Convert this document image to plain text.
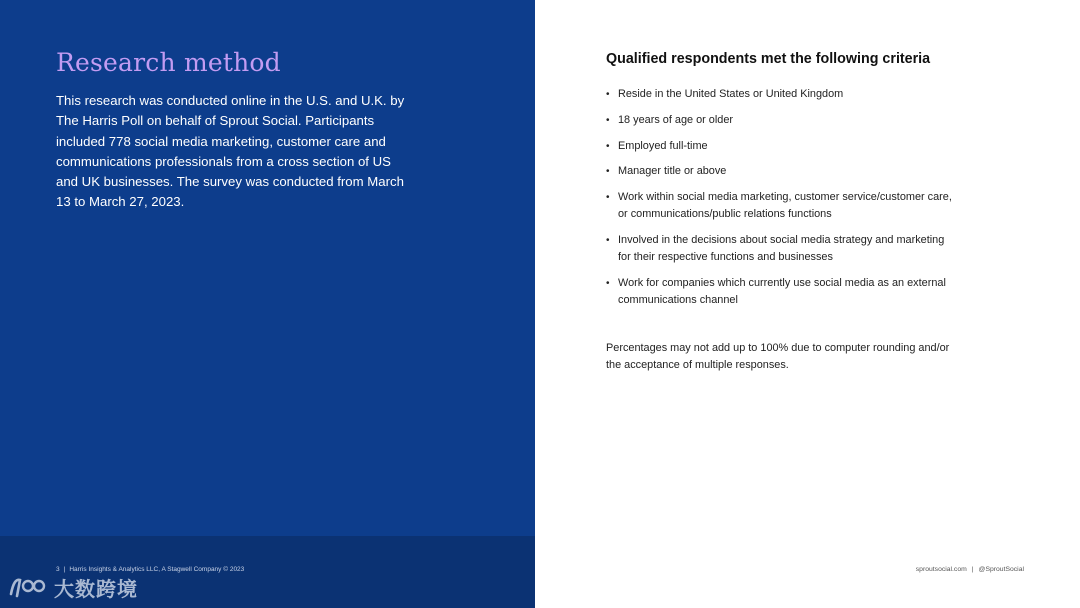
Research method

This research was conducted online in the U.S. and U.K. by The Harris Poll on behalf of Sprout Social. Participants included 778 social media marketing, customer care and communications professionals from a cross section of US and UK businesses. The survey was conducted from March 13 to March 27, 2023.

3 | Harris Insights & Analytics LLC, A Stagwell Company © 2023
大数跨境
Qualified respondents met the following criteria
• Reside in the United States or United Kingdom
• 18 years of age or older
• Employed full-time
• Manager title or above
• Work within social media marketing, customer service/customer care, or communications/public relations functions
• Involved in the decisions about social media strategy and marketing for their respective functions and businesses
• Work for companies which currently use social media as an external communications channel

Percentages may not add up to 100% due to computer rounding and/or the acceptance of multiple responses.

sproutsocial.com | @SproutSocial
